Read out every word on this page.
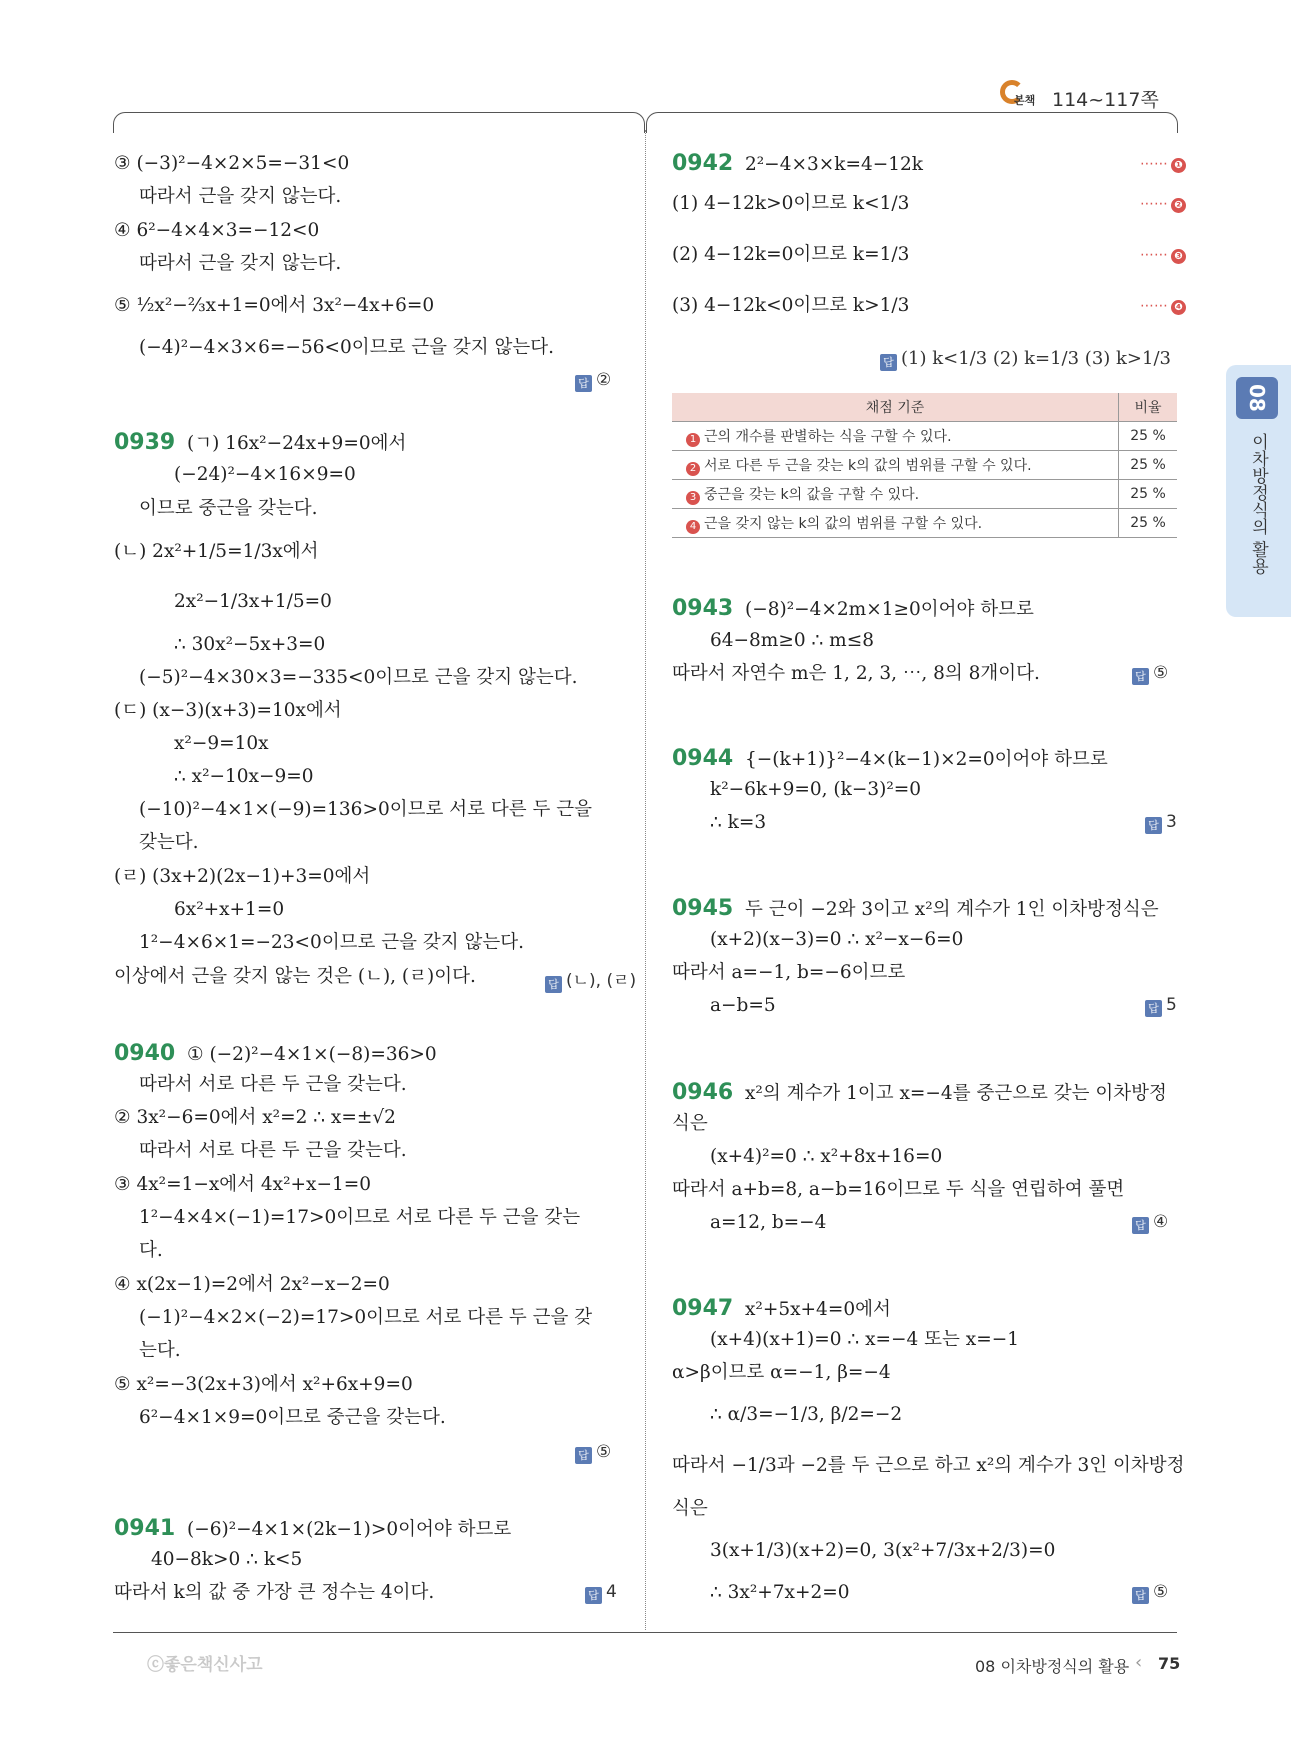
본책 114~117쪽
08
이차방정식의 활용
③ (−3)²−4×2×5=−31<0
따라서 근을 갖지 않는다.
④ 6²−4×4×3=−12<0
따라서 근을 갖지 않는다.
⑤ ½x²−⅔x+1=0에서 3x²−4x+6=0
(−4)²−4×3×6=−56<0이므로 근을 갖지 않는다.
답 ②
0939 (ㄱ) 16x²−24x+9=0에서
(−24)²−4×16×9=0
이므로 중근을 갖는다.
(ㄴ) 2x²+1/5=1/3x에서
2x²−1/3x+1/5=0
∴ 30x²−5x+3=0
(−5)²−4×30×3=−335<0이므로 근을 갖지 않는다.
(ㄷ) (x−3)(x+3)=10x에서
x²−9=10x
∴ x²−10x−9=0
(−10)²−4×1×(−9)=136>0이므로 서로 다른 두 근을
갖는다.
(ㄹ) (3x+2)(2x−1)+3=0에서
6x²+x+1=0
1²−4×6×1=−23<0이므로 근을 갖지 않는다.
이상에서 근을 갖지 않는 것은 (ㄴ), (ㄹ)이다.	답 (ㄴ), (ㄹ)
0940 ① (−2)²−4×1×(−8)=36>0
따라서 서로 다른 두 근을 갖는다.
② 3x²−6=0에서 x²=2 ∴ x=±√2
따라서 서로 다른 두 근을 갖는다.
③ 4x²=1−x에서 4x²+x−1=0
1²−4×4×(−1)=17>0이므로 서로 다른 두 근을 갖는
다.
④ x(2x−1)=2에서 2x²−x−2=0
(−1)²−4×2×(−2)=17>0이므로 서로 다른 두 근을 갖
는다.
⑤ x²=−3(2x+3)에서 x²+6x+9=0
6²−4×1×9=0이므로 중근을 갖는다.
답 ⑤
0941 (−6)²−4×1×(2k−1)>0이어야 하므로
40−8k>0 ∴ k<5
따라서 k의 값 중 가장 큰 정수는 4이다.	답 4
0942 2²−4×3×k=4−12k	⋯⋯ ❶
(1) 4−12k>0이므로 k<1/3	⋯⋯ ❷
(2) 4−12k=0이므로 k=1/3	⋯⋯ ❸
(3) 4−12k<0이므로 k>1/3	⋯⋯ ❹
답 (1) k<1/3 (2) k=1/3 (3) k>1/3
채점 기준	비율
1 근의 개수를 판별하는 식을 구할 수 있다.	25 %
2 서로 다른 두 근을 갖는 k의 값의 범위를 구할 수 있다.	25 %
3 중근을 갖는 k의 값을 구할 수 있다.	25 %
4 근을 갖지 않는 k의 값의 범위를 구할 수 있다.	25 %
0943 (−8)²−4×2m×1≥0이어야 하므로
64−8m≥0 ∴ m≤8
따라서 자연수 m은 1, 2, 3, ⋯, 8의 8개이다.	답 ⑤
0944 {−(k+1)}²−4×(k−1)×2=0이어야 하므로
k²−6k+9=0, (k−3)²=0
∴ k=3	답 3
0945 두 근이 −2와 3이고 x²의 계수가 1인 이차방정식은
(x+2)(x−3)=0 ∴ x²−x−6=0
따라서 a=−1, b=−6이므로
a−b=5	답 5
0946 x²의 계수가 1이고 x=−4를 중근으로 갖는 이차방정
식은
(x+4)²=0 ∴ x²+8x+16=0
따라서 a+b=8, a−b=16이므로 두 식을 연립하여 풀면
a=12, b=−4	답 ④
0947 x²+5x+4=0에서
(x+4)(x+1)=0 ∴ x=−4 또는 x=−1
α>β이므로 α=−1, β=−4
∴ α/3=−1/3, β/2=−2
따라서 −1/3과 −2를 두 근으로 하고 x²의 계수가 3인 이차방정
식은
3(x+1/3)(x+2)=0, 3(x²+7/3x+2/3)=0
∴ 3x²+7x+2=0	답 ⑤
ⓒ좋은책신사고	08 이차방정식의 활용 ‹ 75
